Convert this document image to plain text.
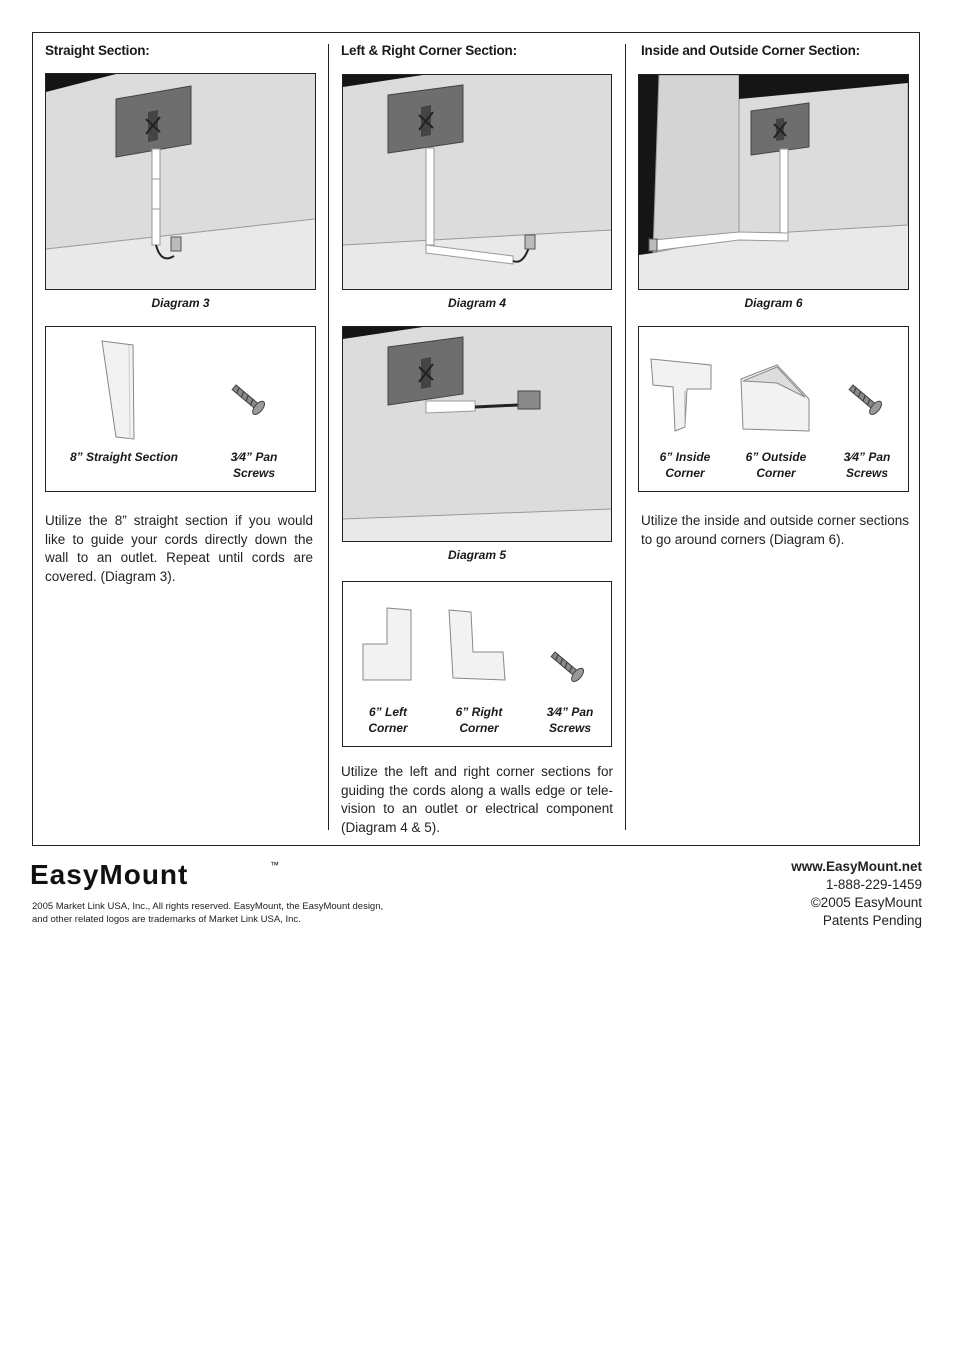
Straight Section:
Diagram 3
8” Straight Section	3⁄4” Pan Screws
Utilize the 8” straight section if you would like to guide your cords directly down the wall to an outlet. Repeat until cords are covered. (Diagram 3).
Left & Right Corner Section:
Diagram 4
Diagram 5
6” Left Corner
6” Right Corner
3⁄4” Pan Screws
Utilize the left and right corner sections for guiding the cords along a walls edge or tele-vision to an outlet or electrical component (Diagram 4 & 5).
Inside and Outside Corner Section:
Diagram 6
6” Inside Corner
6” Outside Corner
3⁄4” Pan Screws
Utilize the inside and outside corner sections to go around corners (Diagram 6).
EasyMount	™
2005 Market Link USA, Inc., All rights reserved. EasyMount, the EasyMount design,
and other related logos are trademarks of Market Link USA, Inc.
www.EasyMount.net
1-888-229-1459
©2005 EasyMount
Patents Pending
